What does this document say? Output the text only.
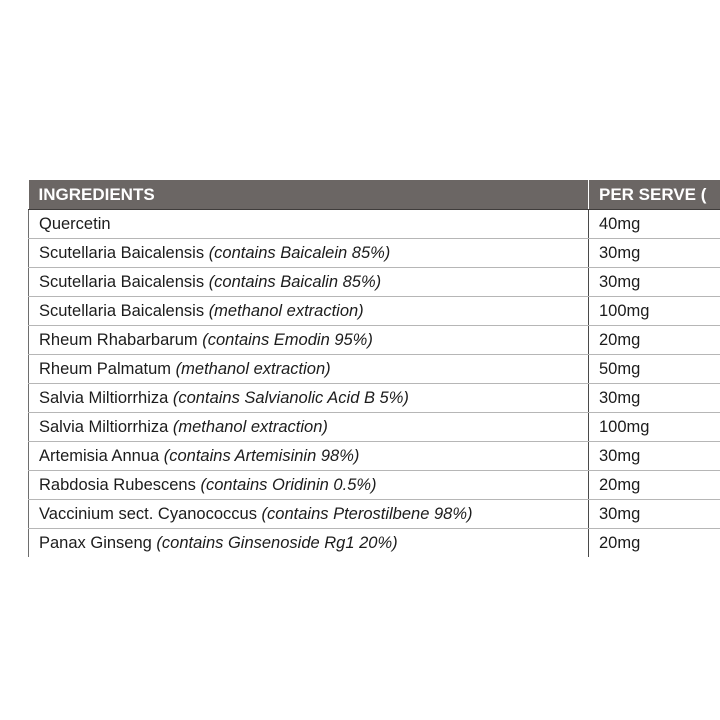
INGREDIENTS	PER SERVE (
Quercetin	40mg
Scutellaria Baicalensis (contains Baicalein 85%)	30mg
Scutellaria Baicalensis (contains Baicalin 85%)	30mg
Scutellaria Baicalensis (methanol extraction)	100mg
Rheum Rhabarbarum (contains Emodin 95%)	20mg
Rheum Palmatum (methanol extraction)	50mg
Salvia Miltiorrhiza (contains Salvianolic Acid B 5%)	30mg
Salvia Miltiorrhiza (methanol extraction)	100mg
Artemisia Annua (contains Artemisinin 98%)	30mg
Rabdosia Rubescens (contains Oridinin 0.5%)	20mg
Vaccinium sect. Cyanococcus (contains Pterostilbene 98%)	30mg
Panax Ginseng (contains Ginsenoside Rg1 20%)	20mg
